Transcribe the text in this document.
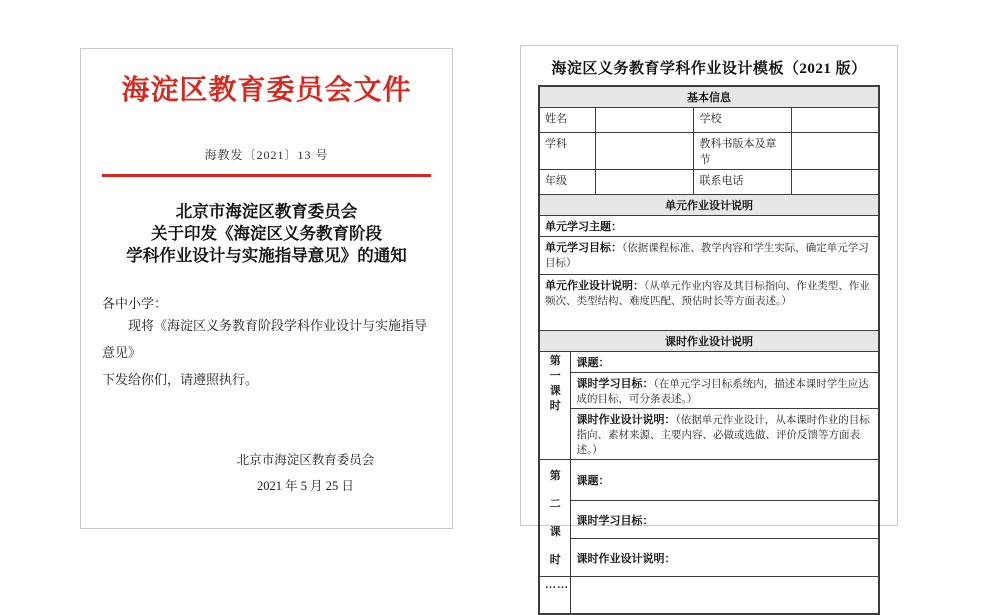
海淀区教育委员会文件
海教发〔2021〕13 号
北京市海淀区教育委员会
关于印发《海淀区义务教育阶段
学科作业设计与实施指导意见》的通知
各中小学：
现将《海淀区义务教育阶段学科作业设计与实施指导意见》
下发给你们，请遵照执行。
北京市海淀区教育委员会
2021 年 5 月 25 日
海淀区义务教育学科作业设计模板（2021 版）
基本信息				
姓名			学校	
学科			教科书版本及章节	
年级			联系电话	
单元作业设计说明				
单元学习主题：				
单元学习目标：（依据课程标准、教学内容和学生实际，确定单元学习目标）				
单元作业设计说明：（从单元作业内容及其目标指向、作业类型、作业频次、类型结构、难度匹配、预估时长等方面表述。）				
课时作业设计说明				

第一
课时	课题：			
	课时学习目标：（在单元学习目标系统内，描述本课时学生应达成的目标，可分条表述。）			
	课时作业设计说明：（依据单元作业设计，从本课时作业的目标指向、素材来源、主要内容、必做或选做、评价反馈等方面表述。）			

第二
课时	课题：			
	课时学习目标：			
	课时作业设计说明：			
……				
